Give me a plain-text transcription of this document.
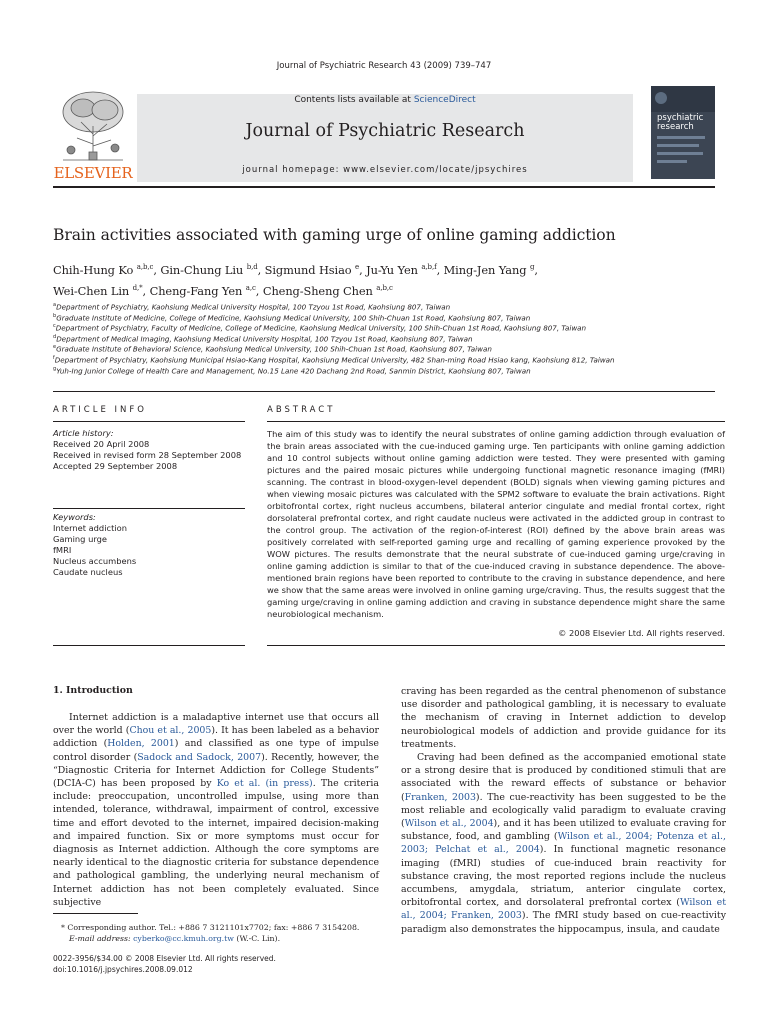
Journal of Psychiatric Research 43 (2009) 739–747
ELSEVIER
Contents lists available at ScienceDirect
Journal of Psychiatric Research
journal homepage: www.elsevier.com/locate/jpsychires
psychiatric
research
Brain activities associated with gaming urge of online gaming addiction
Chih-Hung Ko $^{a,b,c}$, Gin-Chung Liu $^{b,d}$, Sigmund Hsiao $^e$, Ju-Yu Yen $^{a,b,f}$, Ming-Jen Yang $^g$,
Wei-Chen Lin $^{d,*}$, Cheng-Fang Yen $^{a,c}$, Cheng-Sheng Chen $^{a,b,c}$
$^a$Department of Psychiatry, Kaohsiung Medical University Hospital, 100 Tzyou 1st Road, Kaohsiung 807, Taiwan
$^b$Graduate Institute of Medicine, College of Medicine, Kaohsiung Medical University, 100 Shih-Chuan 1st Road, Kaohsiung 807, Taiwan
$^c$Department of Psychiatry, Faculty of Medicine, College of Medicine, Kaohsiung Medical University, 100 Shih-Chuan 1st Road, Kaohsiung 807, Taiwan
$^d$Department of Medical Imaging, Kaohsiung Medical University Hospital, 100 Tzyou 1st Road, Kaohsiung 807, Taiwan
$^e$Graduate Institute of Behavioral Science, Kaohsiung Medical University, 100 Shih-Chuan 1st Road, Kaohsiung 807, Taiwan
$^f$Department of Psychiatry, Kaohsiung Municipal Hsiao-Kang Hospital, Kaohsiung Medical University, 482 Shan-ming Road Hsiao kang, Kaohsiung 812, Taiwan
$^g$Yuh-Ing Junior College of Health Care and Management, No.15 Lane 420 Dachang 2nd Road, Sanmin District, Kaohsiung 807, Taiwan
ARTICLE INFO
Article history:
Received 20 April 2008
Received in revised form 28 September 2008
Accepted 29 September 2008
Keywords:
Internet addiction
Gaming urge
fMRI
Nucleus accumbens
Caudate nucleus
ABSTRACT

The aim of this study was to identify the neural substrates of online gaming addiction through evaluation of the brain areas associated with the cue-induced gaming urge. Ten participants with online gaming addiction and 10 control subjects without online gaming addiction were tested. They were presented with gaming pictures and the paired mosaic pictures while undergoing functional magnetic resonance imaging (fMRI) scanning. The contrast in blood-oxygen-level dependent (BOLD) signals when viewing gaming pictures and when viewing mosaic pictures was calculated with the SPM2 software to evaluate the brain activations. Right orbitofrontal cortex, right nucleus accumbens, bilateral anterior cingulate and medial frontal cortex, right dorsolateral prefrontal cortex, and right caudate nucleus were activated in the addicted group in contrast to the control group. The activation of the region-of-interest (ROI) defined by the above brain areas was positively correlated with self-reported gaming urge and recalling of gaming experience provoked by the WOW pictures. The results demonstrate that the neural substrate of cue-induced gaming urge/craving in online gaming addiction is similar to that of the cue-induced craving in substance dependence. The above-mentioned brain regions have been reported to contribute to the craving in substance dependence, and here we show that the same areas were involved in online gaming urge/craving. Thus, the results suggest that the gaming urge/craving in online gaming addiction and craving in substance dependence might share the same neurobiological mechanism.

© 2008 Elsevier Ltd. All rights reserved.
1. Introduction

Internet addiction is a maladaptive internet use that occurs all over the world (Chou et al., 2005). It has been labeled as a behavior addiction (Holden, 2001) and classified as one type of impulse control disorder (Sadock and Sadock, 2007). Recently, however, the “Diagnostic Criteria for Internet Addiction for College Students” (DCIA-C) has been proposed by Ko et al. (in press). The criteria include: preoccupation, uncontrolled impulse, using more than intended, tolerance, withdrawal, impairment of control, excessive time and effort devoted to the internet, impaired decision-making and impaired function. Six or more symptoms must occur for diagnosis as Internet addiction. Although the core symptoms are nearly identical to the diagnostic criteria for substance dependence and pathological gambling, the underlying neural mechanism of Internet addiction has not been completely evaluated. Since subjective

craving has been regarded as the central phenomenon of substance use disorder and pathological gambling, it is necessary to evaluate the mechanism of craving in Internet addiction to develop neurobiological models of addiction and provide guidance for its treatments.

Craving had been defined as the accompanied emotional state or a strong desire that is produced by conditioned stimuli that are associated with the reward effects of substance or behavior (Franken, 2003). The cue-reactivity has been suggested to be the most reliable and ecologically valid paradigm to evaluate craving (Wilson et al., 2004), and it has been utilized to evaluate craving for substance, food, and gambling (Wilson et al., 2004; Potenza et al., 2003; Pelchat et al., 2004). In functional magnetic resonance imaging (fMRI) studies of cue-induced brain reactivity for substance craving, the most reported regions include the nucleus accumbens, amygdala, striatum, anterior cingulate cortex, orbitofrontal cortex, and dorsolateral prefrontal cortex (Wilson et al., 2004; Franken, 2003). The fMRI study based on cue-reactivity paradigm also demonstrates the hippocampus, insula, and caudate

* Corresponding author. Tel.: +886 7 3121101x7702; fax: +886 7 3154208.
E-mail address: cyberko@cc.kmuh.org.tw (W.-C. Lin).
0022-3956/$34.00 © 2008 Elsevier Ltd. All rights reserved.
doi:10.1016/j.jpsychires.2008.09.012
